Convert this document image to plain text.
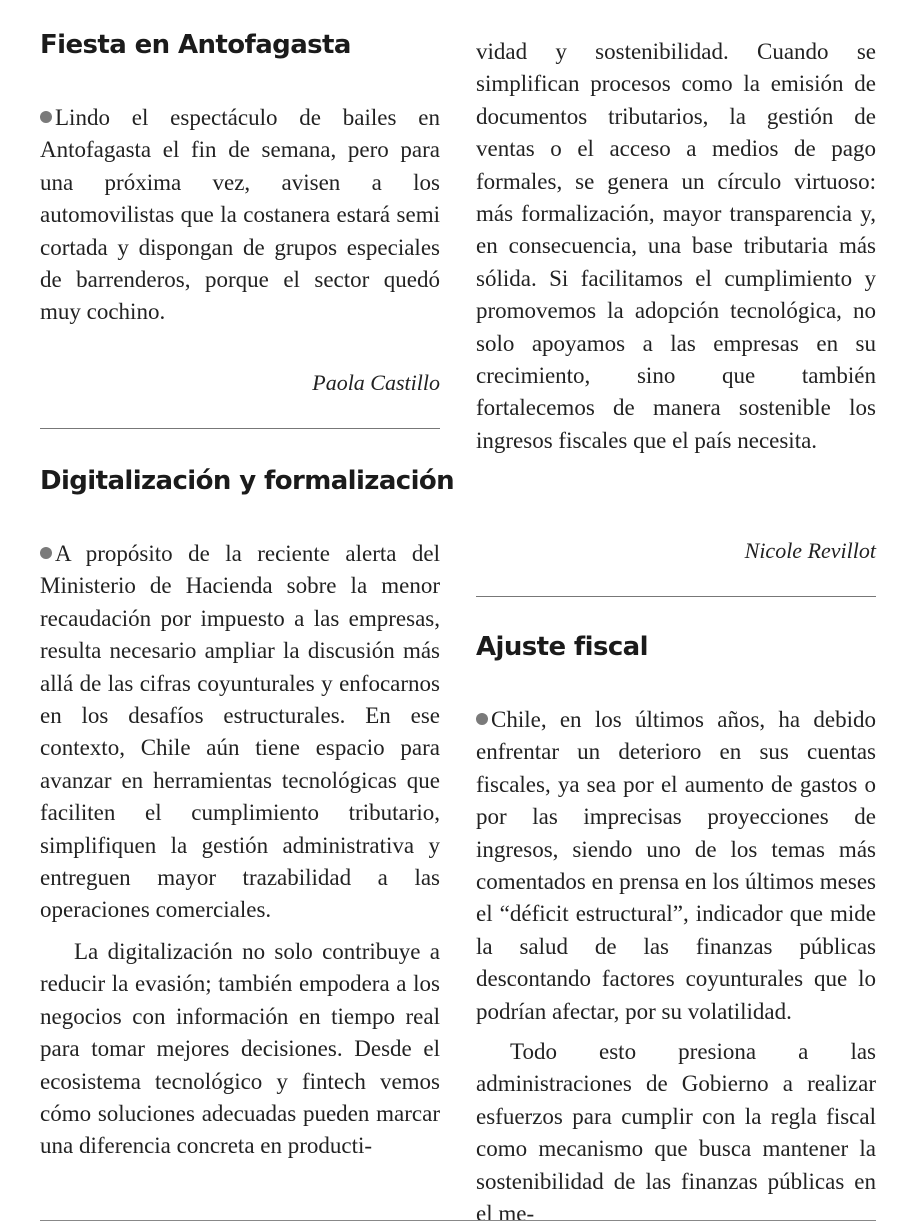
Fiesta en Antofagasta

Lindo el espectáculo de bailes en Antofagasta el fin de semana, pero para una próxima vez, avisen a los automovilistas que la costanera estará semi cortada y dispongan de grupos especiales de barrenderos, porque el sector quedó muy cochino.

Paola Castillo

Digitalización y formalización

A propósito de la reciente alerta del Ministerio de Hacienda sobre la menor recaudación por impuesto a las empresas, resulta necesario ampliar la discusión más allá de las cifras coyunturales y enfocarnos en los desafíos estructurales. En ese contexto, Chile aún tiene espacio para avanzar en herramientas tecnológicas que faciliten el cumplimiento tributario, simplifiquen la gestión administrativa y entreguen mayor trazabilidad a las operaciones comerciales.

La digitalización no solo contribuye a reducir la evasión; también empodera a los negocios con información en tiempo real para tomar mejores decisiones. Desde el ecosistema tecnológico y fintech vemos cómo soluciones adecuadas pueden marcar una diferencia concreta en producti-

vidad y sostenibilidad. Cuando se simplifican procesos como la emisión de documentos tributarios, la gestión de ventas o el acceso a medios de pago formales, se genera un círculo virtuoso: más formalización, mayor transparencia y, en consecuencia, una base tributaria más sólida. Si facilitamos el cumplimiento y promovemos la adopción tecnológica, no solo apoyamos a las empresas en su crecimiento, sino que también fortalecemos de manera sostenible los ingresos fiscales que el país necesita.

Nicole Revillot

Ajuste fiscal

Chile, en los últimos años, ha debido enfrentar un deterioro en sus cuentas fiscales, ya sea por el aumento de gastos o por las imprecisas proyecciones de ingresos, siendo uno de los temas más comentados en prensa en los últimos meses el “déficit estructural”, indicador que mide la salud de las finanzas públicas descontando factores coyunturales que lo podrían afectar, por su volatilidad.

Todo esto presiona a las administraciones de Gobierno a realizar esfuerzos para cumplir con la regla fiscal como mecanismo que busca mantener la sostenibilidad de las finanzas públicas en el me-
